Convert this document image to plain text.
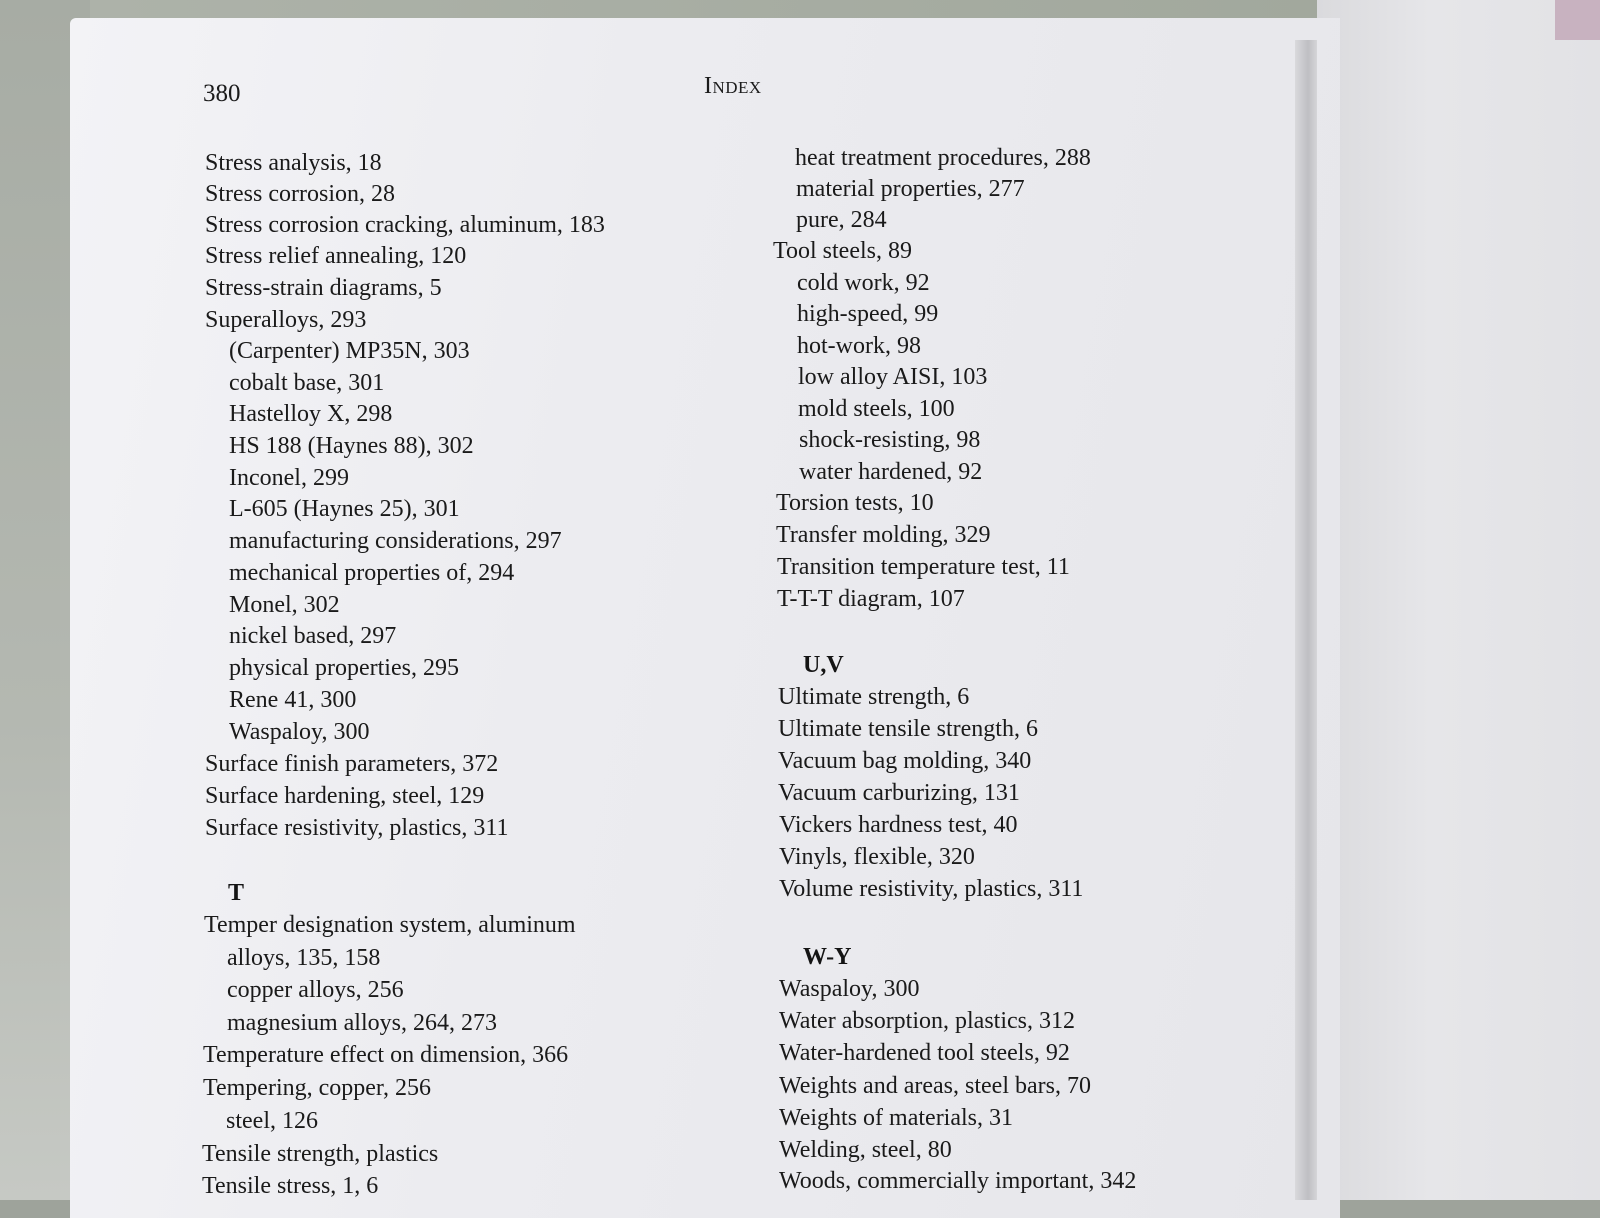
380	Index
Stress analysis, 18
Stress corrosion, 28
Stress corrosion cracking, aluminum, 183
Stress relief annealing, 120
Stress-strain diagrams, 5
Superalloys, 293
(Carpenter) MP35N, 303
cobalt base, 301
Hastelloy X, 298
HS 188 (Haynes 88), 302
Inconel, 299
L-605 (Haynes 25), 301
manufacturing considerations, 297
mechanical properties of, 294
Monel, 302
nickel based, 297
physical properties, 295
Rene 41, 300
Waspaloy, 300
Surface finish parameters, 372
Surface hardening, steel, 129
Surface resistivity, plastics, 311
T
Temper designation system, aluminum
alloys, 135, 158
copper alloys, 256
magnesium alloys, 264, 273
Temperature effect on dimension, 366
Tempering, copper, 256
steel, 126
Tensile strength, plastics
Tensile stress, 1, 6
heat treatment procedures, 288
material properties, 277
pure, 284
Tool steels, 89
cold work, 92
high-speed, 99
hot-work, 98
low alloy AISI, 103
mold steels, 100
shock-resisting, 98
water hardened, 92
Torsion tests, 10
Transfer molding, 329
Transition temperature test, 11
T-T-T diagram, 107
U,V
Ultimate strength, 6
Ultimate tensile strength, 6
Vacuum bag molding, 340
Vacuum carburizing, 131
Vickers hardness test, 40
Vinyls, flexible, 320
Volume resistivity, plastics, 311
W-Y
Waspaloy, 300
Water absorption, plastics, 312
Water-hardened tool steels, 92
Weights and areas, steel bars, 70
Weights of materials, 31
Welding, steel, 80
Woods, commercially important, 342
